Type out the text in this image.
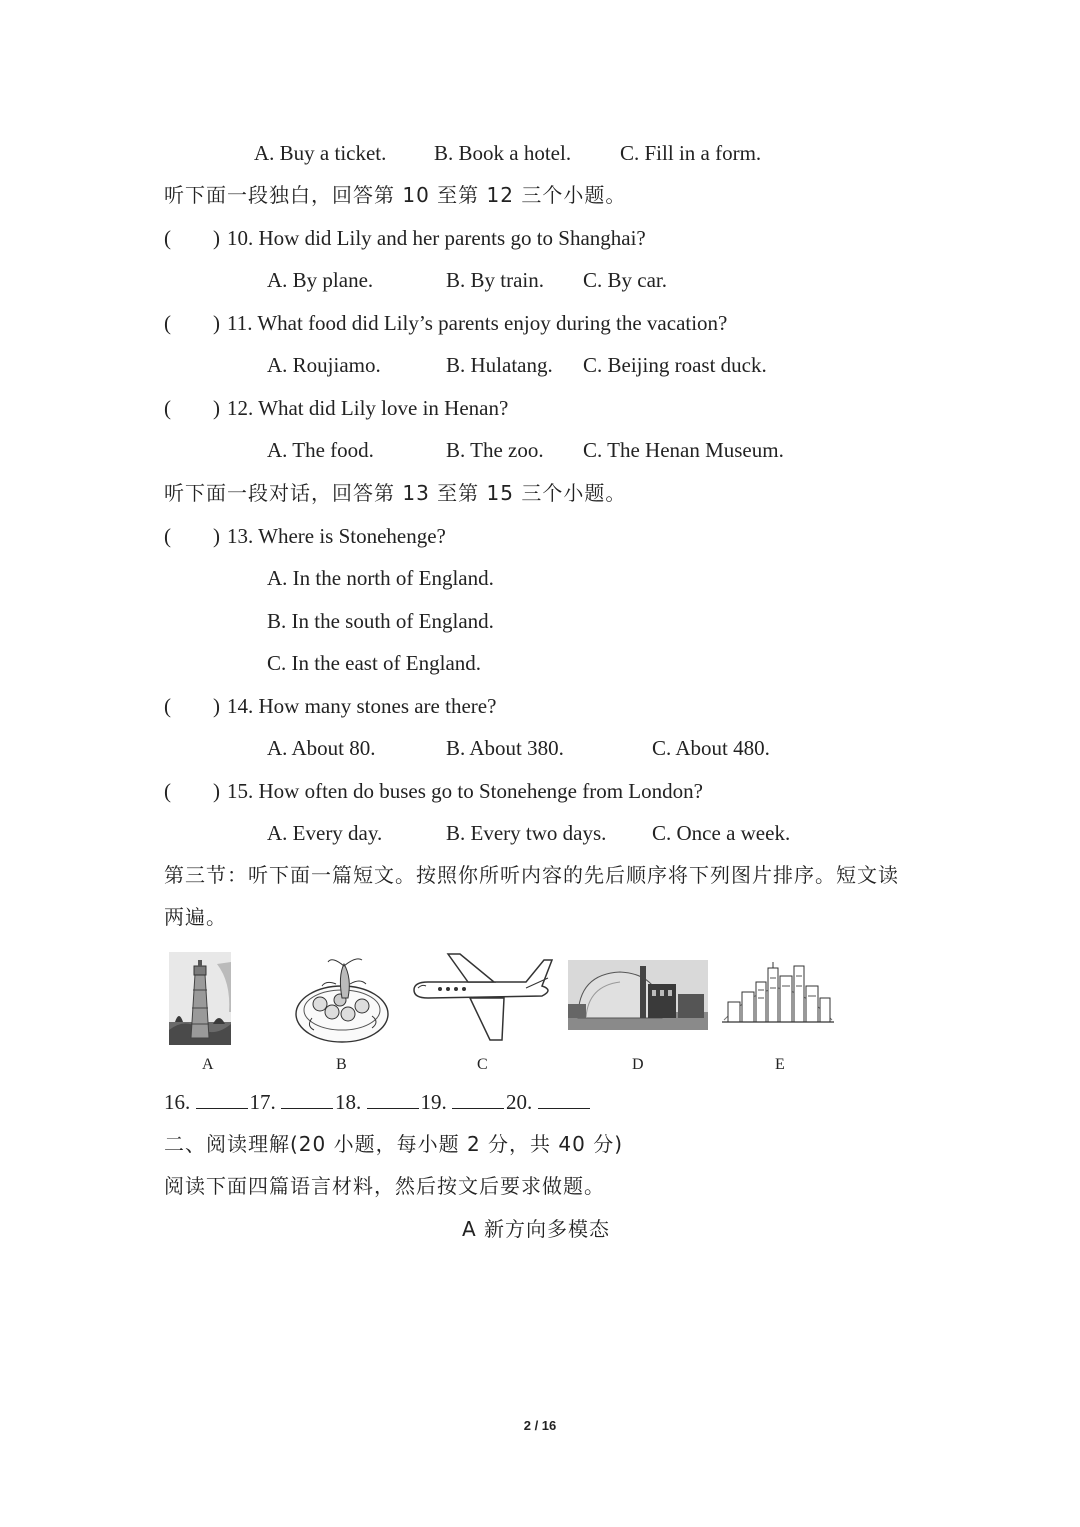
A. Buy a ticket. B. Book a hotel. C. Fill in a form.
听下面一段独白，回答第 10 至第 12 三个小题。
( ) 10. How did Lily and her parents go to Shanghai?
A. By plane.	B. By train. C. By car.
( ) 11. What food did Lily’s parents enjoy during the vacation?
A. Roujiamo.	B. Hulatang. C. Beijing roast duck.
( ) 12. What did Lily love in Henan?
A. The food.	B. The zoo. C. The Henan Museum.
听下面一段对话，回答第 13 至第 15 三个小题。
( ) 13. Where is Stonehenge?
A. In the north of England.
B. In the south of England.
C. In the east of England.
( ) 14. How many stones are there?
A. About 80.	B. About 380.	C. About 480.
( ) 15. How often do buses go to Stonehenge from London?
A. Every day.	B. Every two days. C. Once a week.
第三节：听下面一篇短文。按照你所听内容的先后顺序将下列图片排序。短文读
两遍。
A	B	C	D	E
16.	17.	18.	19.	20.
二、阅读理解(20 小题，每小题 2 分，共 40 分)
阅读下面四篇语言材料，然后按文后要求做题。
A 新方向多模态
2 / 16
